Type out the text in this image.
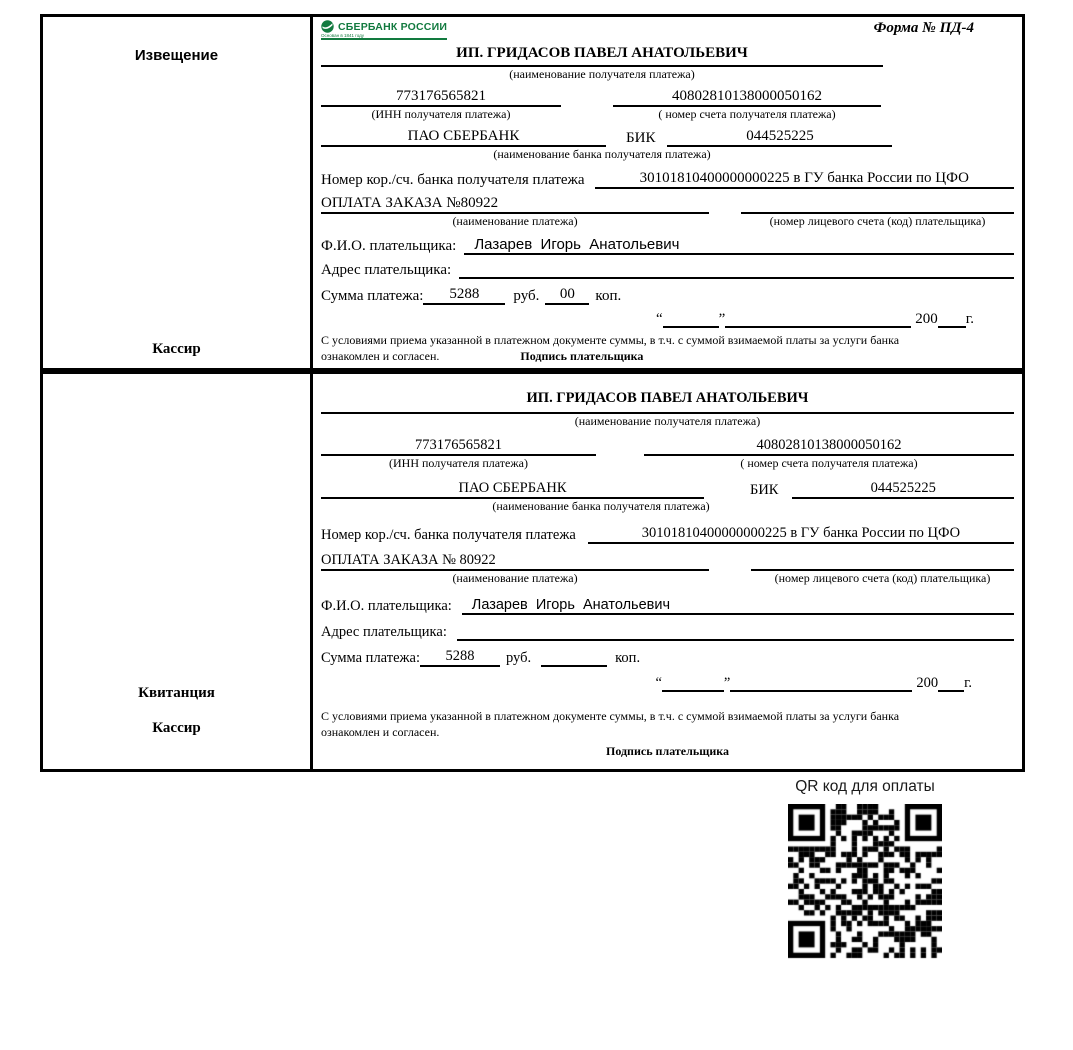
Извещение
Кассир
СБЕРБАНК РОССИИ
Основан в 1841 году	Форма № ПД-4
ИП. ГРИДАСОВ ПАВЕЛ АНАТОЛЬЕВИЧ
(наименование получателя платежа)
773176565821	40802810138000050162
(ИНН получателя платежа)	( номер счета получателя платежа)
ПАО СБЕРБАНК	БИК	044525225
(наименование банка получателя платежа)
Номер кор./сч. банка получателя платежа	30101810400000000225 в ГУ банка России по ЦФО
ОПЛАТА ЗАКАЗА №80922
(наименование платежа)	(номер лицевого счета (код) плательщика)
Ф.И.О. плательщика:	Лазарев  Игорь  Анатольевич
Адрес плательщика:
Сумма платежа:	5288	руб.	00	коп.
“	”	200 г.
С условиями приема указанной в платежном документе суммы, в т.ч. с суммой взимаемой платы за услуги банка
ознакомлен и согласен.	Подпись плательщика
Квитанция
Кассир
ИП. ГРИДАСОВ ПАВЕЛ АНАТОЛЬЕВИЧ
(наименование получателя платежа)
773176565821	40802810138000050162
(ИНН получателя платежа)	( номер счета получателя платежа)
ПАО СБЕРБАНК	БИК	044525225
(наименование банка получателя платежа)
Номер кор./сч. банка получателя платежа	30101810400000000225 в ГУ банка России по ЦФО
ОПЛАТА ЗАКАЗА № 80922
(наименование платежа)	(номер лицевого счета (код) плательщика)
Ф.И.О. плательщика:	Лазарев  Игорь  Анатольевич
Адрес плательщика:
Сумма платежа:	5288	руб.	коп.
“	”	200 г.
С условиями приема указанной в платежном документе суммы, в т.ч. с суммой взимаемой платы за услуги банка
ознакомлен и согласен.
Подпись плательщика
QR код для оплаты
